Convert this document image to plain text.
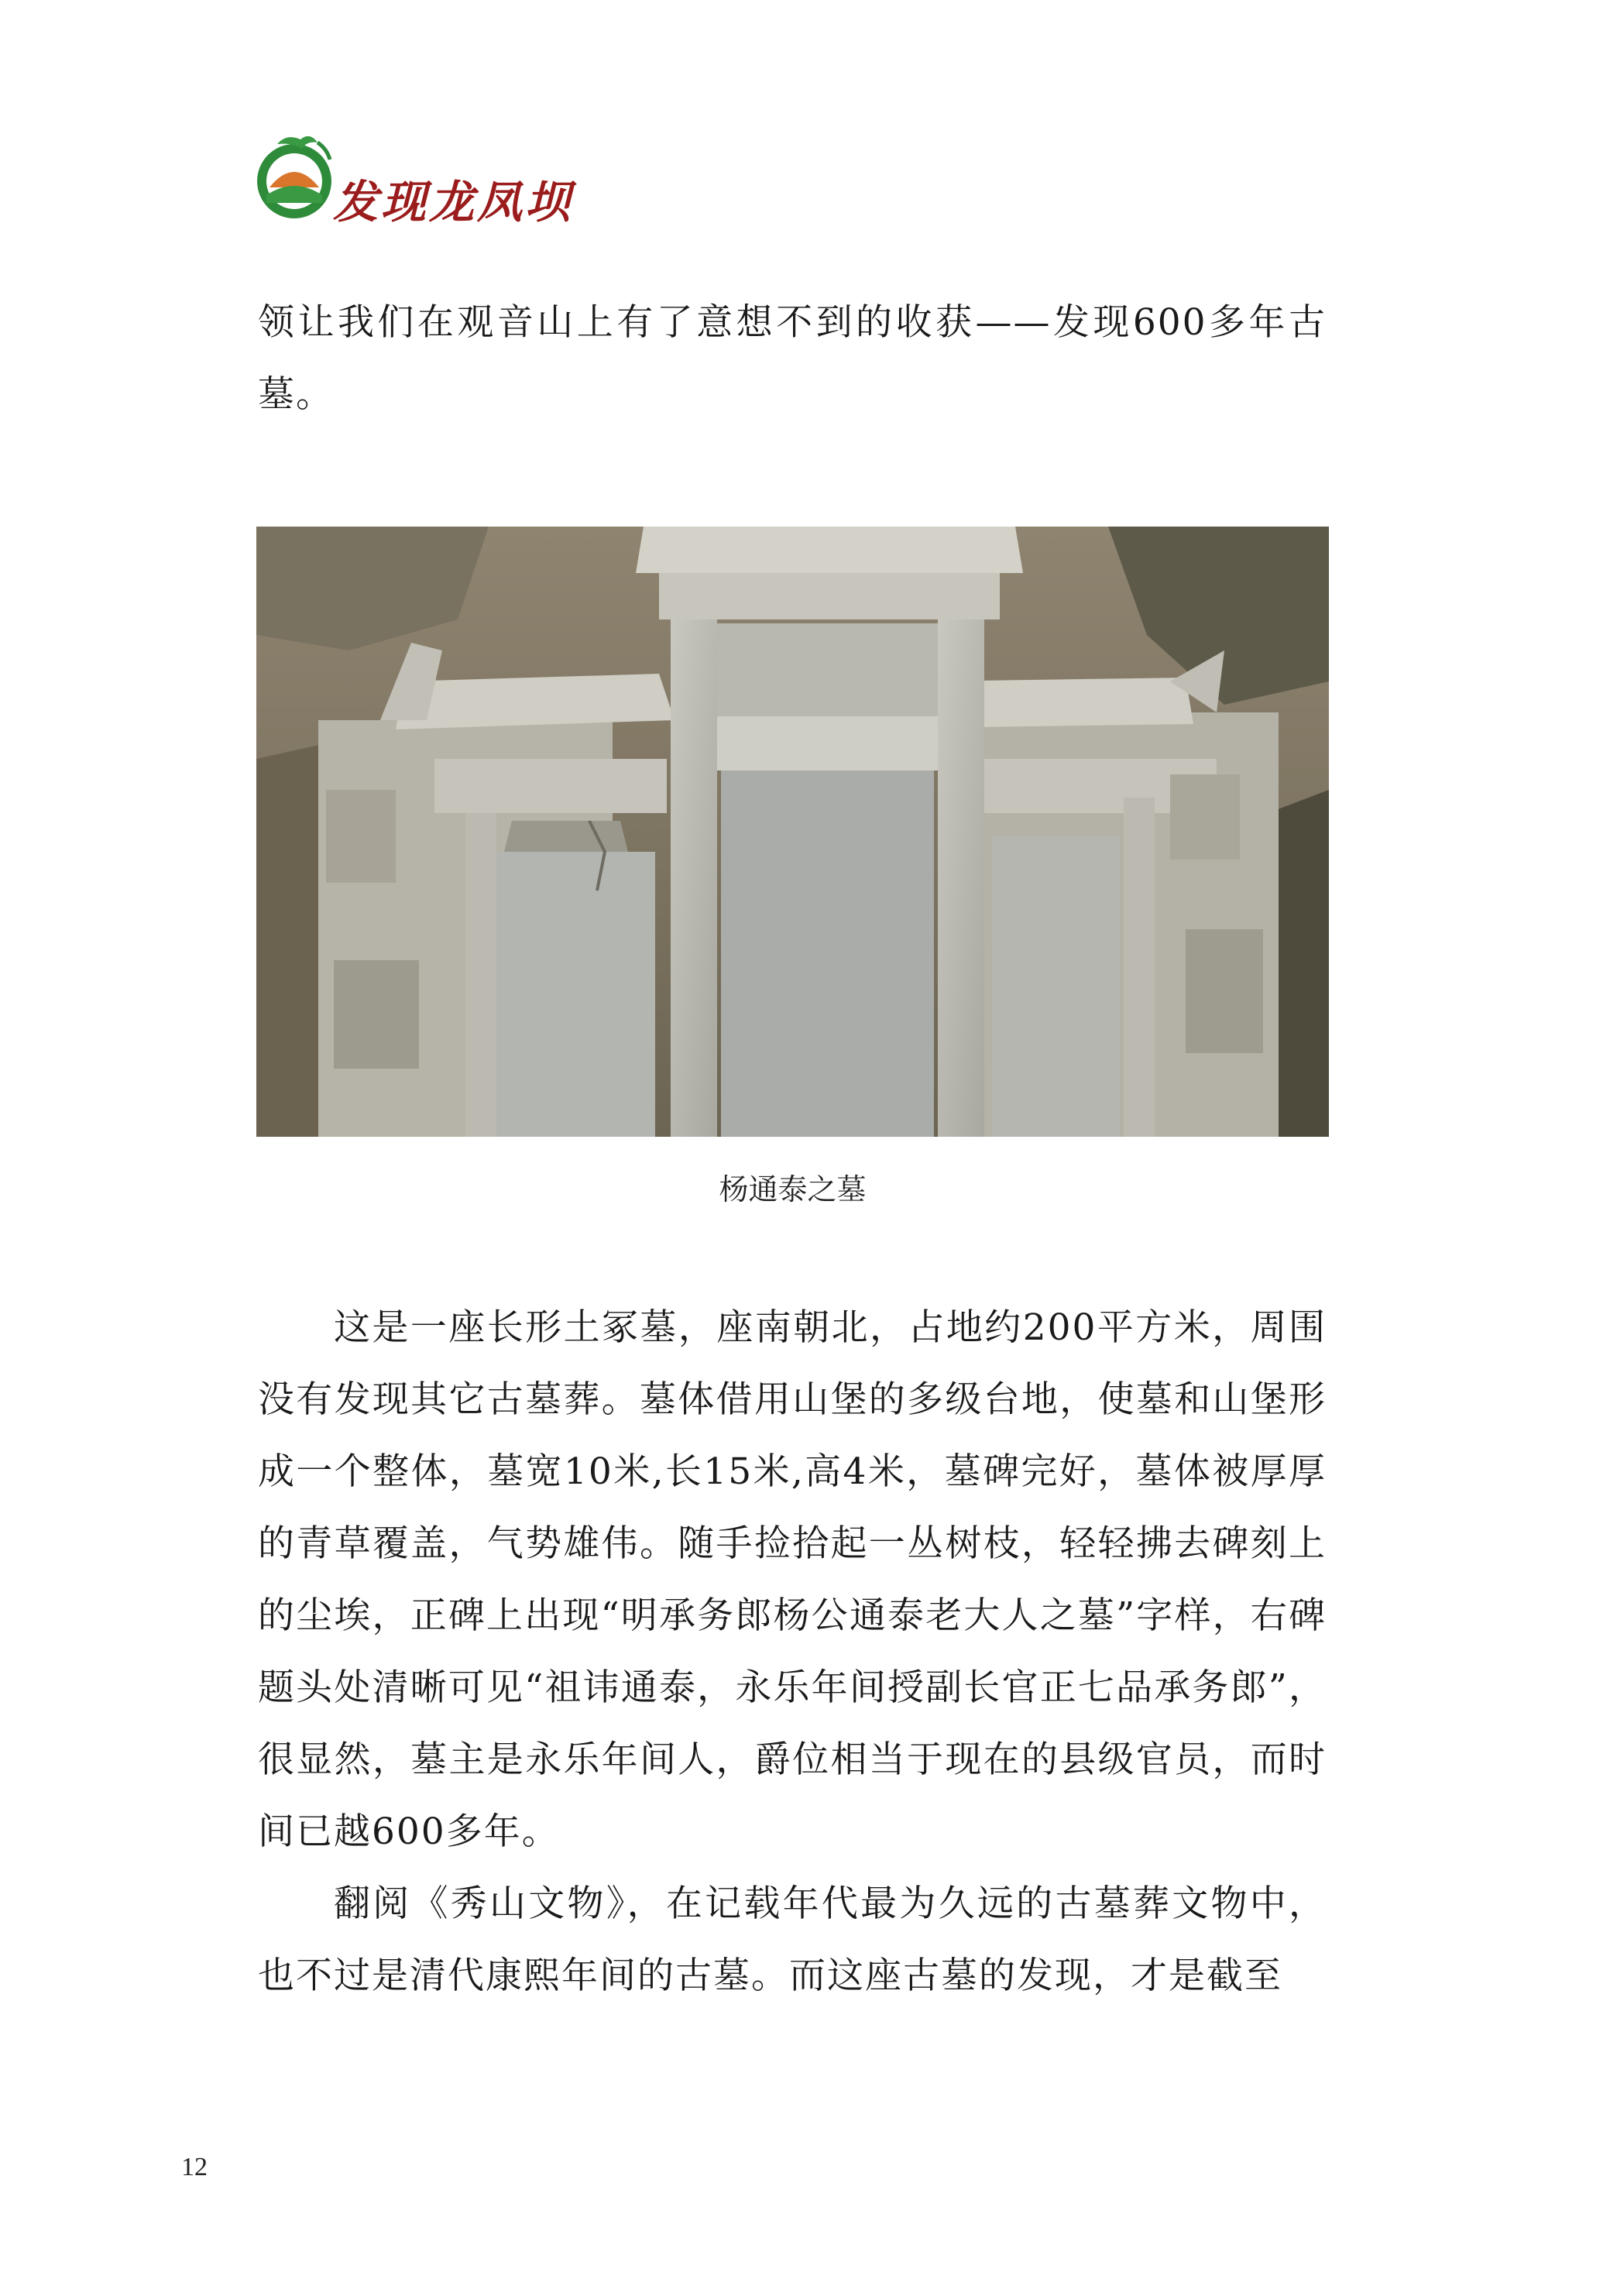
发现龙凤坝

领让我们在观音山上有了意想不到的收获——发现600多年古墓。

杨通泰之墓

这是一座长形土冢墓，座南朝北，占地约200平方米，周围没有发现其它古墓葬。墓体借用山堡的多级台地，使墓和山堡形成一个整体，墓宽10米,长15米,高4米，墓碑完好，墓体被厚厚的青草覆盖，气势雄伟。随手捡拾起一丛树枝，轻轻拂去碑刻上的尘埃，正碑上出现“明承务郎杨公通泰老大人之墓”字样，右碑题头处清晰可见“祖讳通泰，永乐年间授副长官正七品承务郎”，很显然，墓主是永乐年间人，爵位相当于现在的县级官员，而时间已越600多年。

翻阅《秀山文物》，在记载年代最为久远的古墓葬文物中，也不过是清代康熙年间的古墓。而这座古墓的发现，才是截至

12
